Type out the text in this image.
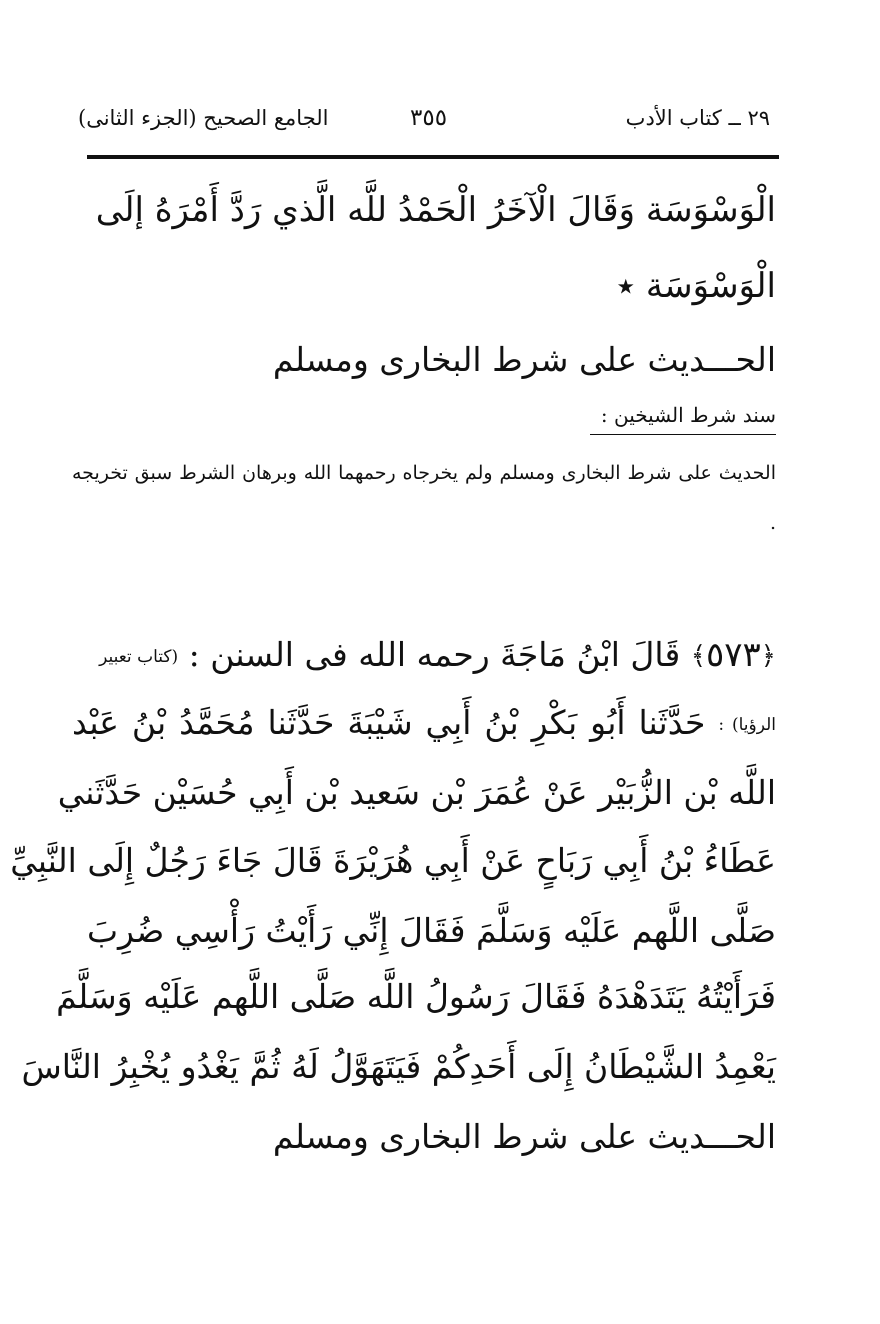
٢٩ ــ كتاب الأدب
٣٥٥
الجامع الصحيح (الجزء الثانى)
الْوَسْوَسَة وَقَالَ الْآخَرُ الْحَمْدُ للَّه الَّذي رَدَّ أَمْرَهُ إلَى
الْوَسْوَسَة ٭
الحـــديث على شرط البخارى ومسلم
سند شرط الشيخين :
الحديث على شرط البخارى ومسلم ولم يخرجاه رحمهما الله وبرهان الشرط سبق تخريجه .
﴿٥٧٣﴾ قَالَ ابْنُ مَاجَةَ رحمه الله فى السنن : (كتاب تعبير
الرؤيا) : حَدَّثَنا أَبُو بَكْرِ بْنُ أَبِي شَيْبَةَ حَدَّثَنا مُحَمَّدُ بْنُ عَبْد
اللَّه بْن الزُّبَيْر عَنْ عُمَرَ بْن سَعيد بْن أَبِي حُسَيْن حَدَّثَني
عَطَاءُ بْنُ أَبِي رَبَاحٍ عَنْ أَبِي هُرَيْرَةَ قَالَ جَاءَ رَجُلٌ إِلَى النَّبِيِّ
صَلَّى اللَّهم عَلَيْه وَسَلَّمَ فَقَالَ إِنِّي رَأَيْتُ رَأْسِي ضُرِبَ
فَرَأَيْتُهُ يَتَدَهْدَهُ فَقَالَ رَسُولُ اللَّه صَلَّى اللَّهم عَلَيْه وَسَلَّمَ
يَعْمِدُ الشَّيْطَانُ إِلَى أَحَدِكُمْ فَيَتَهَوَّلُ لَهُ ثُمَّ يَغْدُو يُخْبِرُ النَّاسَ
الحـــديث على شرط البخارى ومسلم
